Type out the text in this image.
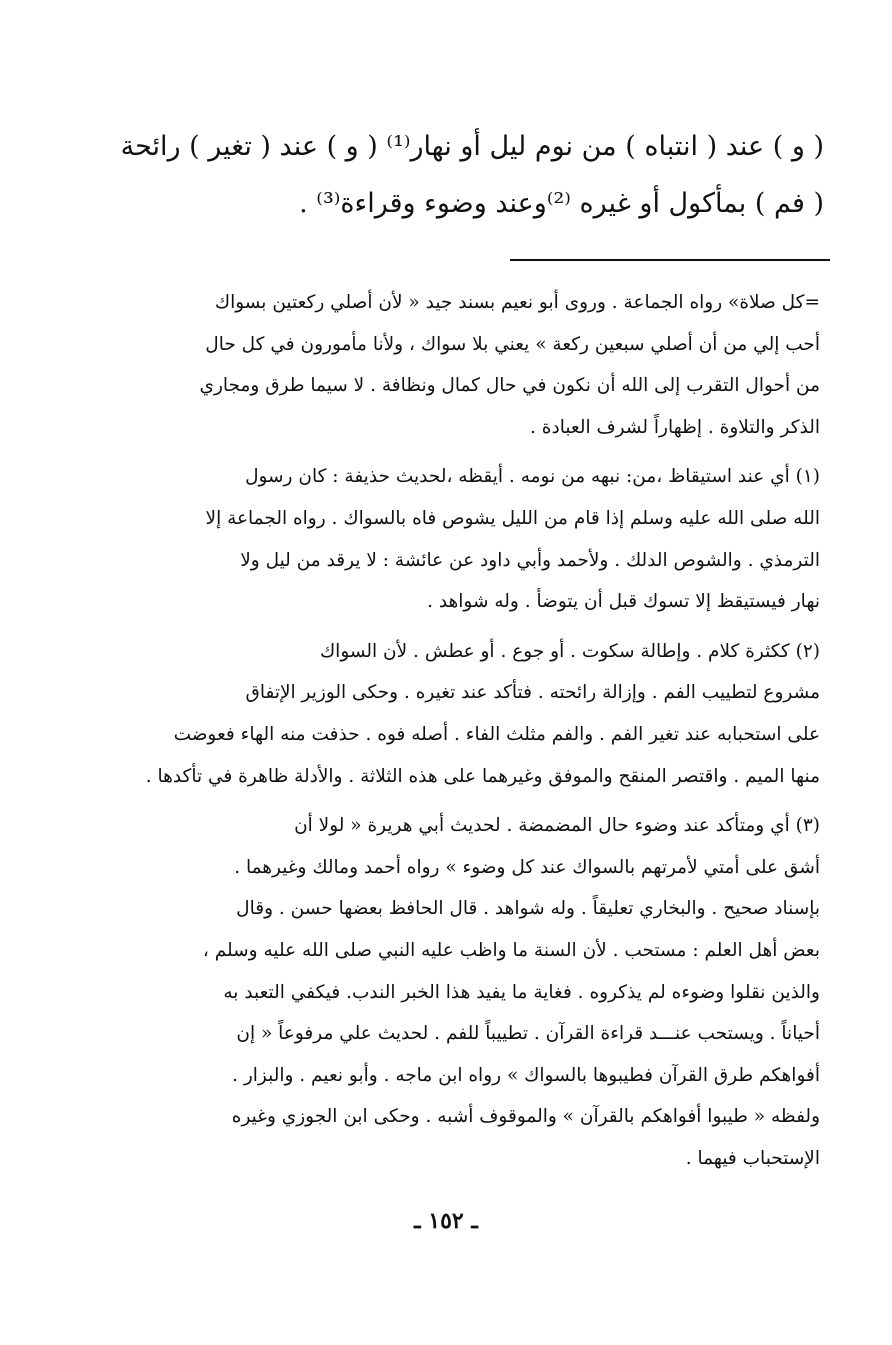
( و ) عند ( انتباه ) من نوم ليل أو نهار⁽¹⁾ ( و ) عند ( تغير ) رائحة
( فم ) بمأكول أو غيره ⁽²⁾وعند وضوء وقراءة⁽³⁾ .
=كل صلاة» رواه الجماعة . وروى أبو نعيم بسند جيد « لأن أصلي ركعتين بسواك
أحب إلي من أن أصلي سبعين ركعة » يعني بلا سواك ، ولأنا مأمورون في كل حال
من أحوال التقرب إلى الله أن نكون في حال كمال ونظافة . لا سيما طرق ومجاري
الذكر والتلاوة . إظهاراً لشرف العبادة .
(١) أي عند استيقاظ ،من: نبهه من نومه . أيقظه ،لحديث حذيفة : كان رسول
الله صلى الله عليه وسلم إذا قام من الليل يشوص فاه بالسواك . رواه الجماعة إلا
الترمذي . والشوص الدلك . ولأحمد وأبي داود عن عائشة : لا يرقد من ليل ولا
نهار فيستيقظ إلا تسوك قبل أن يتوضأ . وله شواهد .
(٢) ككثرة كلام . وإطالة سكوت . أو جوع . أو عطش . لأن السواك
مشروع لتطييب الفم . وإزالة رائحته . فتأكد عند تغيره . وحكى الوزير الإتفاق
على استحبابه عند تغير الفم . والفم مثلث الفاء . أصله فوه . حذفت منه الهاء فعوضت
منها الميم . واقتصر المنقح والموفق وغيرهما على هذه الثلاثة . والأدلة ظاهرة في تأكدها .
(٣) أي ومتأكد عند وضوء حال المضمضة . لحديث أبي هريرة « لولا أن
أشق على أمتي لأمرتهم بالسواك عند كل وضوء » رواه أحمد ومالك وغيرهما .
بإسناد صحيح . والبخاري تعليقاً . وله شواهد . قال الحافظ بعضها حسن . وقال
بعض أهل العلم : مستحب . لأن السنة ما واظب عليه النبي صلى الله عليه وسلم ،
والذين نقلوا وضوءه لم يذكروه . فغاية ما يفيد هذا الخبر الندب. فيكفي التعبد به
أحياناً . ويستحب عنـــد قراءة القرآن . تطييباً للفم . لحديث علي مرفوعاً « إن
أفواهكم طرق القرآن فطيبوها بالسواك » رواه ابن ماجه . وأبو نعيم . والبزار .
ولفظه « طيبوا أفواهكم بالقرآن » والموقوف أشبه . وحكى ابن الجوزي وغيره
الإستحباب فيهما .
ـ ١٥٢ ـ
